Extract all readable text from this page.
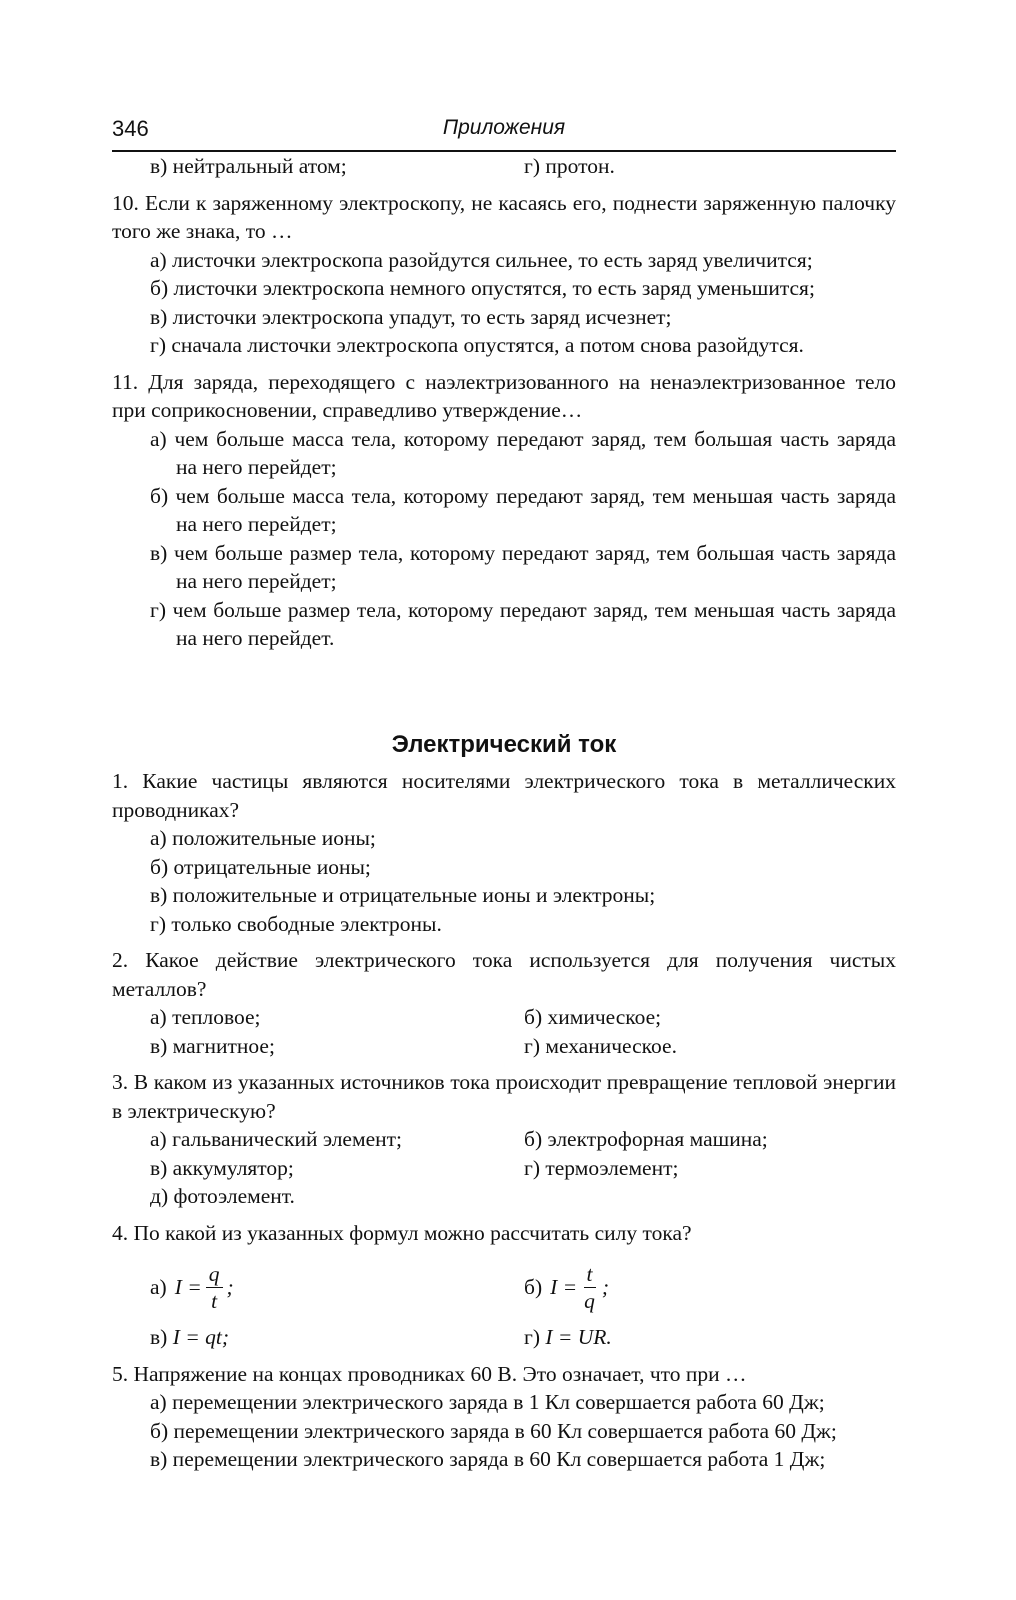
346	Приложения
в) нейтральный атом;	г) протон.
10. Если к заряженному электроскопу, не касаясь его, поднести заряженную палочку того же знака, то …
а) листочки электроскопа разойдутся сильнее, то есть заряд увеличится;
б) листочки электроскопа немного опустятся, то есть заряд уменьшится;
в) листочки электроскопа упадут, то есть заряд исчезнет;
г) сначала листочки электроскопа опустятся, а потом снова разойдутся.
11. Для заряда, переходящего с наэлектризованного на ненаэлектризованное тело при соприкосновении, справедливо утверждение…
а) чем больше масса тела, которому передают заряд, тем большая часть заряда на него перейдет;
б) чем больше масса тела, которому передают заряд, тем меньшая часть заряда на него перейдет;
в) чем больше размер тела, которому передают заряд, тем большая часть заряда на него перейдет;
г) чем больше размер тела, которому передают заряд, тем меньшая часть заряда на него перейдет.
Электрический ток
1. Какие частицы являются носителями электрического тока в металлических проводниках?
а) положительные ионы;
б) отрицательные ионы;
в) положительные и отрицательные ионы и электроны;
г) только свободные электроны.
2. Какое действие электрического тока используется для получения чистых металлов?
а) тепловое;	б) химическое;
в) магнитное;	г) механическое.
3. В каком из указанных источников тока происходит превращение тепловой энергии в электрическую?
а) гальванический элемент;	б) электрофорная машина;
в) аккумулятор;	г) термоэлемент;
д) фотоэлемент.
4. По какой из указанных формул можно рассчитать силу тока?
а) $I = \frac{q}{t}$ ;	б) $I = \frac{t}{q}$ ;
в) I = qt;	г) I = UR.
5. Напряжение на концах проводниках 60 В. Это означает, что при …
а) перемещении электрического заряда в 1 Кл совершается работа 60 Дж;
б) перемещении электрического заряда в 60 Кл совершается работа 60 Дж;
в) перемещении электрического заряда в 60 Кл совершается работа 1 Дж;
